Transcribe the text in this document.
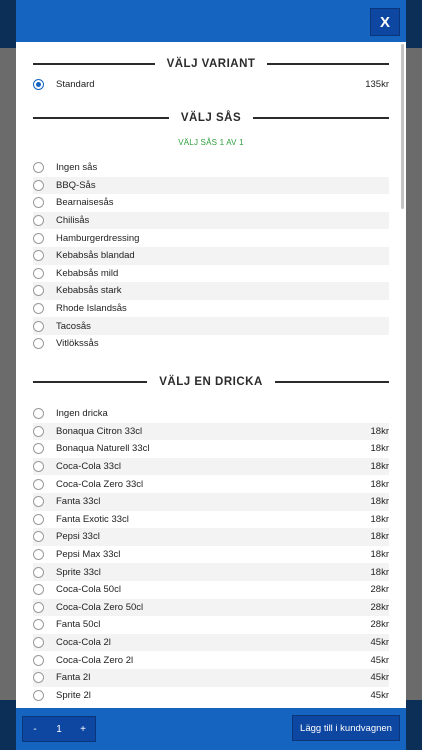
X
VÄLJ VARIANT
Standard	135kr
VÄLJ SÅS
VÄLJ SÅS 1 AV 1
Ingen sås
BBQ-Sås
Bearnaisesås
Chilisås
Hamburgerdressing
Kebabsås blandad
Kebabsås mild
Kebabsås stark
Rhode Islandsås
Tacosås
Vitlökssås
VÄLJ EN DRICKA
Ingen dricka
Bonaqua Citron 33cl	18kr
Bonaqua Naturell 33cl	18kr
Coca-Cola 33cl	18kr
Coca-Cola Zero 33cl	18kr
Fanta 33cl	18kr
Fanta Exotic 33cl	18kr
Pepsi 33cl	18kr
Pepsi Max 33cl	18kr
Sprite 33cl	18kr
Coca-Cola 50cl	28kr
Coca-Cola Zero 50cl	28kr
Fanta 50cl	28kr
Coca-Cola 2l	45kr
Coca-Cola Zero 2l	45kr
Fanta 2l	45kr
Sprite 2l	45kr
-	1	+	Lägg till i kundvagnen
